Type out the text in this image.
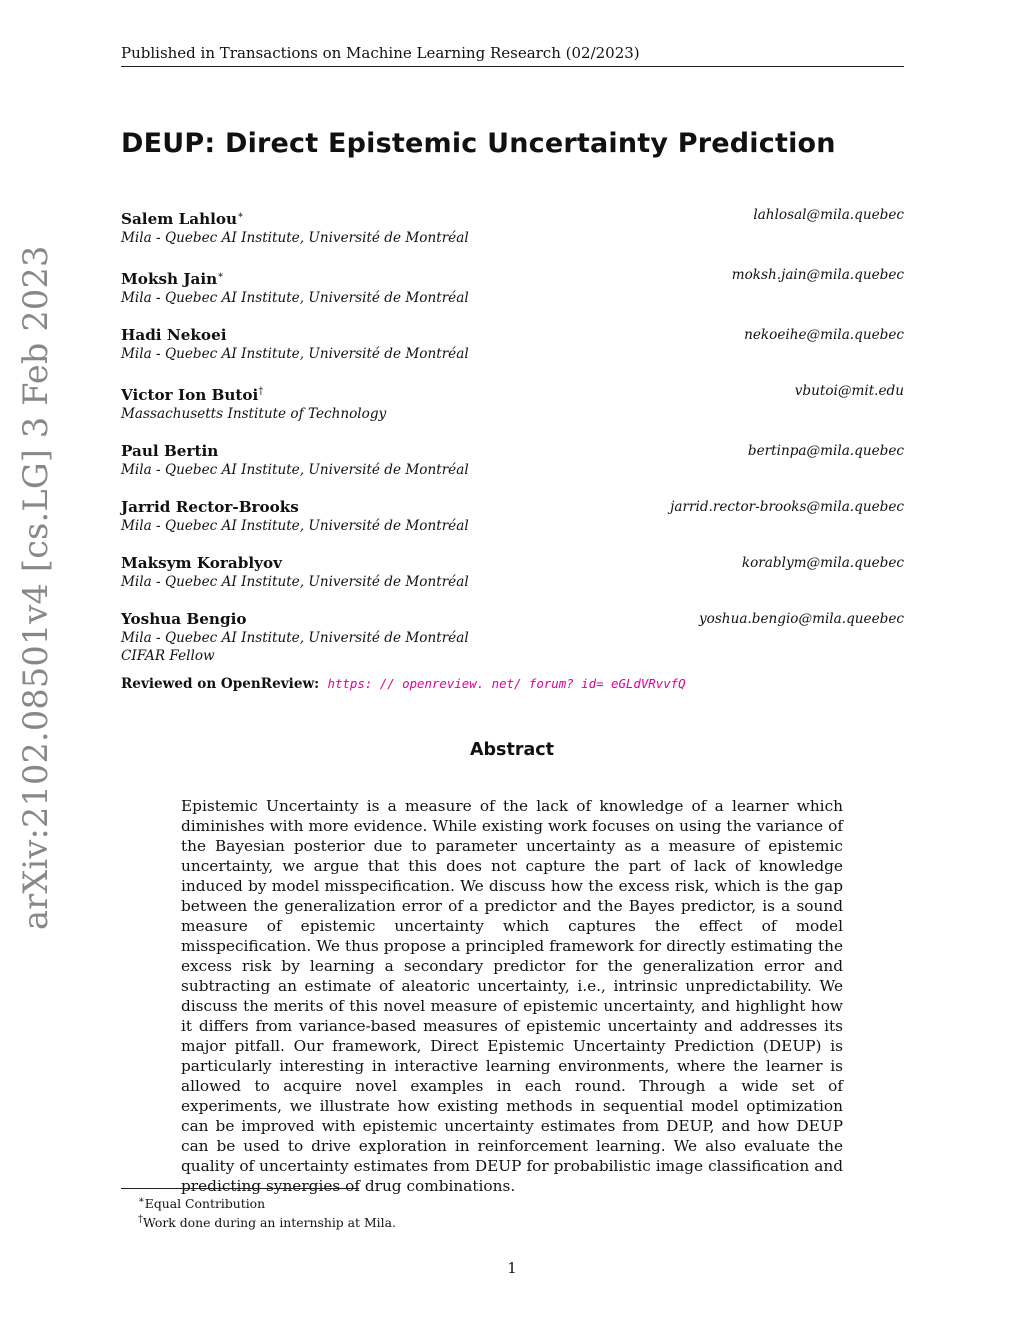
Published in Transactions on Machine Learning Research (02/2023)
arXiv:2102.08501v4 [cs.LG] 3 Feb 2023
DEUP: Direct Epistemic Uncertainty Prediction
Salem Lahlou∗	lahlosal@mila.quebec
Mila - Quebec AI Institute, Université de Montréal
Moksh Jain∗	moksh.jain@mila.quebec
Mila - Quebec AI Institute, Université de Montréal
Hadi Nekoei	nekoeihe@mila.quebec
Mila - Quebec AI Institute, Université de Montréal
Victor Ion Butoi†	vbutoi@mit.edu
Massachusetts Institute of Technology
Paul Bertin	bertinpa@mila.quebec
Mila - Quebec AI Institute, Université de Montréal
Jarrid Rector-Brooks	jarrid.rector-brooks@mila.quebec
Mila - Quebec AI Institute, Université de Montréal
Maksym Korablyov	korablym@mila.quebec
Mila - Quebec AI Institute, Université de Montréal
Yoshua Bengio	yoshua.bengio@mila.queebec
Mila - Quebec AI Institute, Université de Montréal
CIFAR Fellow
Reviewed on OpenReview: https: // openreview. net/ forum? id= eGLdVRvvfQ
Abstract
Epistemic Uncertainty is a measure of the lack of knowledge of a learner which diminishes with more evidence. While existing work focuses on using the variance of the Bayesian posterior due to parameter uncertainty as a measure of epistemic uncertainty, we argue that this does not capture the part of lack of knowledge induced by model misspecification. We discuss how the excess risk, which is the gap between the generalization error of a predictor and the Bayes predictor, is a sound measure of epistemic uncertainty which captures the effect of model misspecification. We thus propose a principled framework for directly estimating the excess risk by learning a secondary predictor for the generalization error and subtracting an estimate of aleatoric uncertainty, i.e., intrinsic unpredictability. We discuss the merits of this novel measure of epistemic uncertainty, and highlight how it differs from variance-based measures of epistemic uncertainty and addresses its major pitfall. Our framework, Direct Epistemic Uncertainty Prediction (DEUP) is particularly interesting in interactive learning environments, where the learner is allowed to acquire novel examples in each round. Through a wide set of experiments, we illustrate how existing methods in sequential model optimization can be improved with epistemic uncertainty estimates from DEUP, and how DEUP can be used to drive exploration in reinforcement learning. We also evaluate the quality of uncertainty estimates from DEUP for probabilistic image classification and predicting synergies of drug combinations.
∗Equal Contribution
†Work done during an internship at Mila.
1
